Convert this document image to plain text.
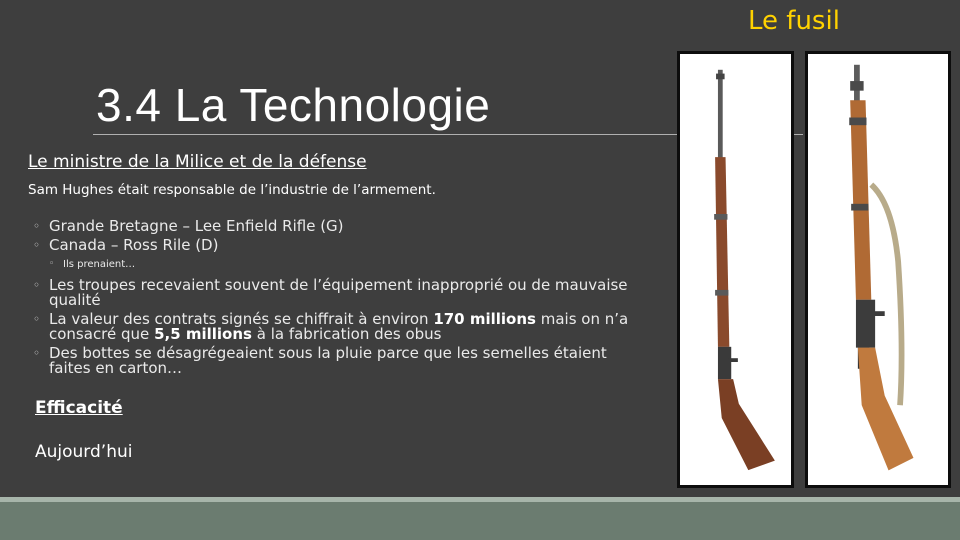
Le fusil
3.4 La Technologie
Le ministre de la Milice et de la défense
Sam Hughes était responsable de l’industrie de l’armement.
◦ Grande Bretagne – Lee Enfield Rifle (G)
◦ Canada – Ross Rile (D)
◦ Ils prenaient…
◦ Les troupes recevaient souvent de l’équipement inapproprié ou de mauvaise qualité
◦ La valeur des contrats signés se chiffrait à environ 170 millions mais on n’a consacré que 5,5 millions à la fabrication des obus
◦ Des bottes se désagrégeaient sous la pluie parce que les semelles étaient faites en carton…
Efficacité
Aujourd’hui
